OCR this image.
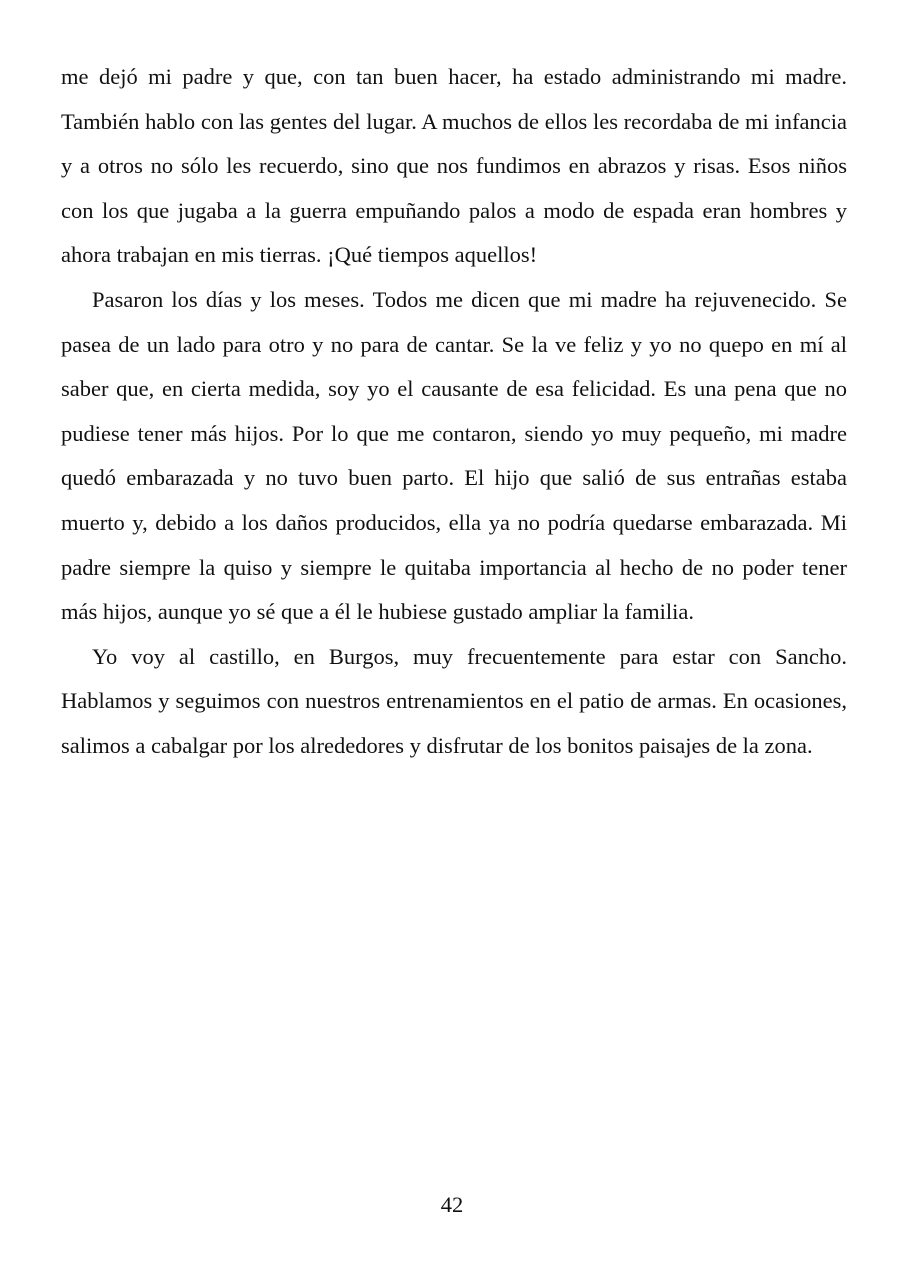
me dejó mi padre y que, con tan buen hacer, ha estado administrando mi madre. También hablo con las gentes del lugar. A muchos de ellos les recordaba de mi infancia y a otros no sólo les recuerdo, sino que nos fundimos en abrazos y risas. Esos niños con los que jugaba a la guerra empuñando palos a modo de espada eran hombres y ahora trabajan en mis tierras. ¡Qué tiempos aquellos!

Pasaron los días y los meses. Todos me dicen que mi madre ha rejuvenecido. Se pasea de un lado para otro y no para de cantar. Se la ve feliz y yo no quepo en mí al saber que, en cierta medida, soy yo el causante de esa felicidad. Es una pena que no pudiese tener más hijos. Por lo que me contaron, siendo yo muy pequeño, mi madre quedó embarazada y no tuvo buen parto. El hijo que salió de sus entrañas estaba muerto y, debido a los daños producidos, ella ya no podría quedarse embarazada. Mi padre siempre la quiso y siempre le quitaba importancia al hecho de no poder tener más hijos, aunque yo sé que a él le hubiese gustado ampliar la familia.

Yo voy al castillo, en Burgos, muy frecuentemente para estar con Sancho. Hablamos y seguimos con nuestros entrenamientos en el patio de armas. En ocasiones, salimos a cabalgar por los alrededores y disfrutar de los bonitos paisajes de la zona.

42
